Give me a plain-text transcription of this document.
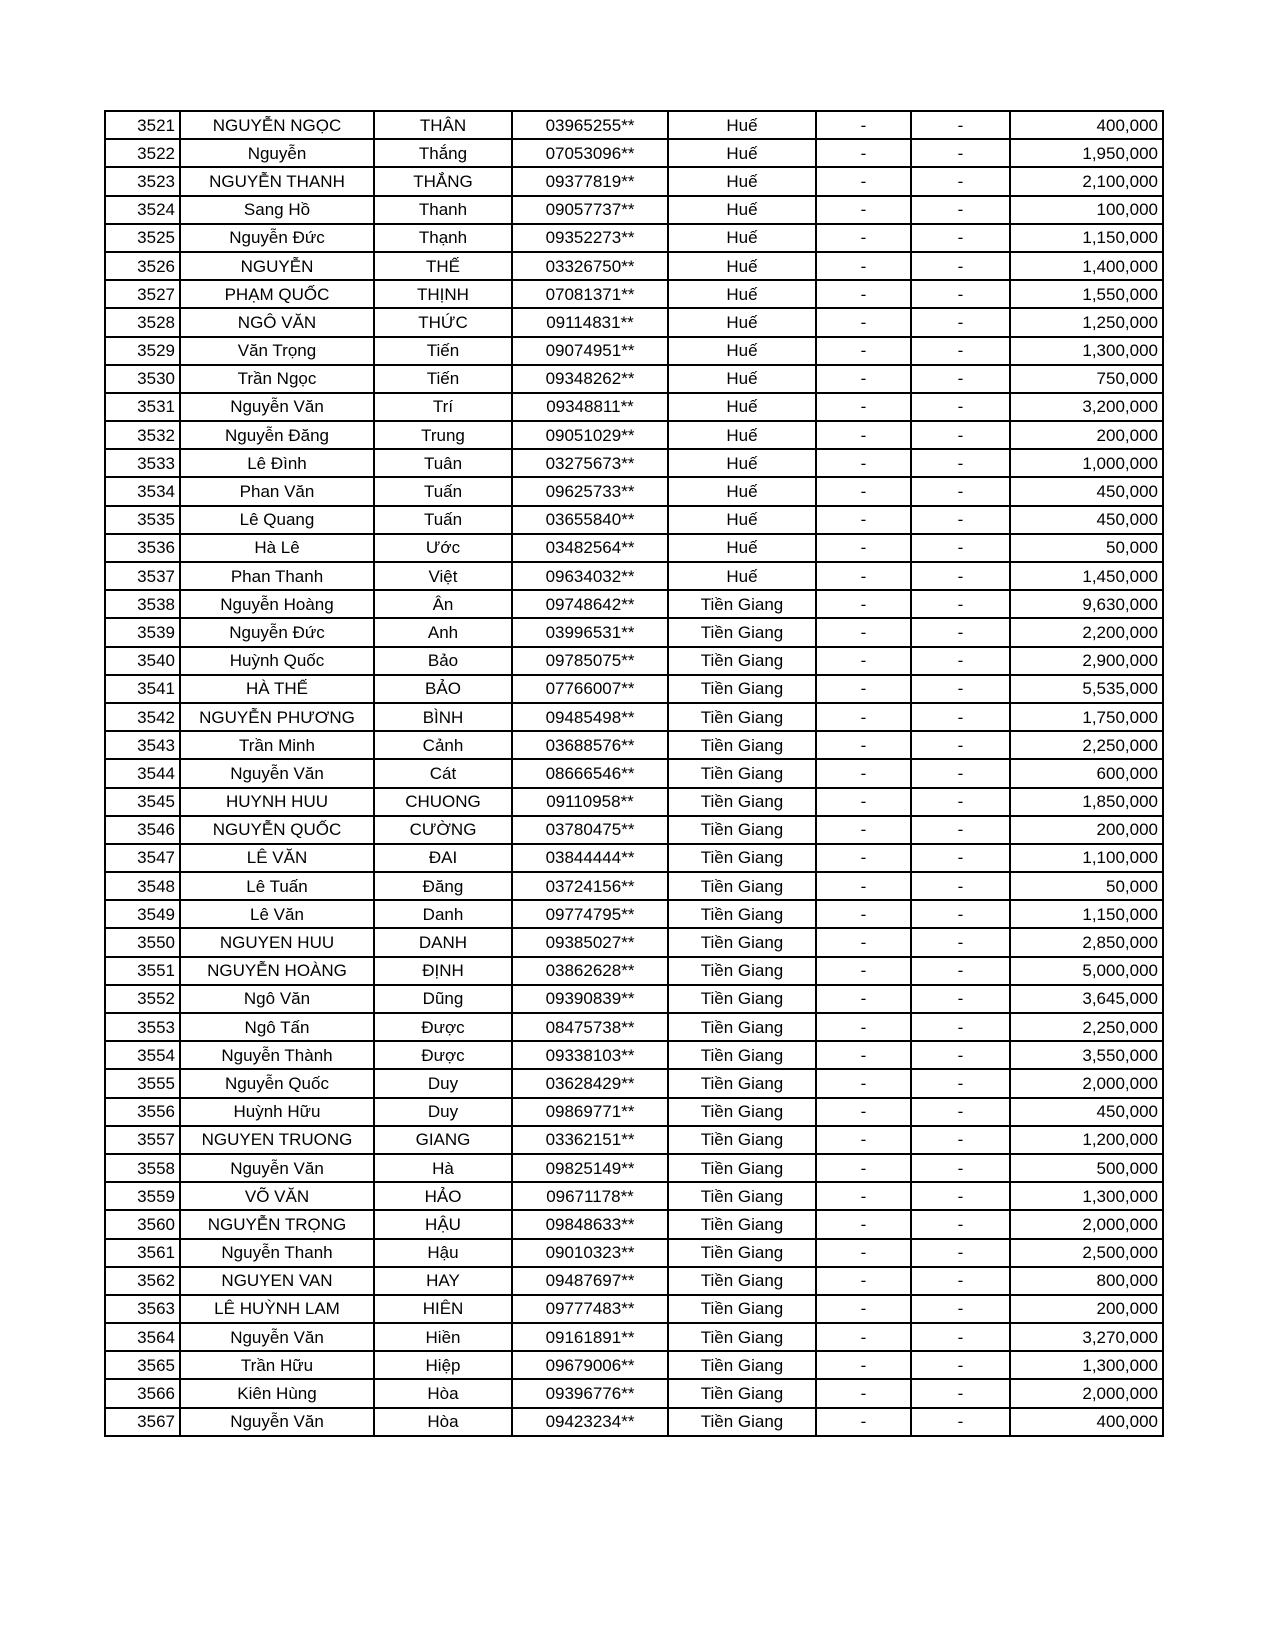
3521	NGUYỄN NGỌC	THÂN	03965255**	Huế	-	-	400,000
3522	Nguyễn	Thắng	07053096**	Huế	-	-	1,950,000
3523	NGUYỄN THANH	THẮNG	09377819**	Huế	-	-	2,100,000
3524	Sang Hồ	Thanh	09057737**	Huế	-	-	100,000
3525	Nguyễn Đức	Thạnh	09352273**	Huế	-	-	1,150,000
3526	NGUYỄN	THẾ	03326750**	Huế	-	-	1,400,000
3527	PHẠM QUỐC	THỊNH	07081371**	Huế	-	-	1,550,000
3528	NGÔ VĂN	THỨC	09114831**	Huế	-	-	1,250,000
3529	Văn Trọng	Tiến	09074951**	Huế	-	-	1,300,000
3530	Trần Ngọc	Tiến	09348262**	Huế	-	-	750,000
3531	Nguyễn Văn	Trí	09348811**	Huế	-	-	3,200,000
3532	Nguyễn Đăng	Trung	09051029**	Huế	-	-	200,000
3533	Lê Đình	Tuân	03275673**	Huế	-	-	1,000,000
3534	Phan Văn	Tuấn	09625733**	Huế	-	-	450,000
3535	Lê Quang	Tuấn	03655840**	Huế	-	-	450,000
3536	Hà Lê	Ước	03482564**	Huế	-	-	50,000
3537	Phan Thanh	Việt	09634032**	Huế	-	-	1,450,000
3538	Nguyễn Hoàng	Ân	09748642**	Tiền Giang	-	-	9,630,000
3539	Nguyễn Đức	Anh	03996531**	Tiền Giang	-	-	2,200,000
3540	Huỳnh Quốc	Bảo	09785075**	Tiền Giang	-	-	2,900,000
3541	HÀ THẾ	BẢO	07766007**	Tiền Giang	-	-	5,535,000
3542	NGUYỄN PHƯƠNG	BÌNH	09485498**	Tiền Giang	-	-	1,750,000
3543	Trần Minh	Cảnh	03688576**	Tiền Giang	-	-	2,250,000
3544	Nguyễn Văn	Cát	08666546**	Tiền Giang	-	-	600,000
3545	HUYNH HUU	CHUONG	09110958**	Tiền Giang	-	-	1,850,000
3546	NGUYỄN QUỐC	CƯỜNG	03780475**	Tiền Giang	-	-	200,000
3547	LÊ VĂN	ĐAI	03844444**	Tiền Giang	-	-	1,100,000
3548	Lê Tuấn	Đăng	03724156**	Tiền Giang	-	-	50,000
3549	Lê Văn	Danh	09774795**	Tiền Giang	-	-	1,150,000
3550	NGUYEN HUU	DANH	09385027**	Tiền Giang	-	-	2,850,000
3551	NGUYỄN HOÀNG	ĐỊNH	03862628**	Tiền Giang	-	-	5,000,000
3552	Ngô Văn	Dũng	09390839**	Tiền Giang	-	-	3,645,000
3553	Ngô Tấn	Được	08475738**	Tiền Giang	-	-	2,250,000
3554	Nguyễn Thành	Được	09338103**	Tiền Giang	-	-	3,550,000
3555	Nguyễn Quốc	Duy	03628429**	Tiền Giang	-	-	2,000,000
3556	Huỳnh Hữu	Duy	09869771**	Tiền Giang	-	-	450,000
3557	NGUYEN TRUONG	GIANG	03362151**	Tiền Giang	-	-	1,200,000
3558	Nguyễn Văn	Hà	09825149**	Tiền Giang	-	-	500,000
3559	VÕ VĂN	HẢO	09671178**	Tiền Giang	-	-	1,300,000
3560	NGUYỄN TRỌNG	HẬU	09848633**	Tiền Giang	-	-	2,000,000
3561	Nguyễn Thanh	Hậu	09010323**	Tiền Giang	-	-	2,500,000
3562	NGUYEN VAN	HAY	09487697**	Tiền Giang	-	-	800,000
3563	LÊ HUỲNH LAM	HIÊN	09777483**	Tiền Giang	-	-	200,000
3564	Nguyễn Văn	Hiền	09161891**	Tiền Giang	-	-	3,270,000
3565	Trần Hữu	Hiệp	09679006**	Tiền Giang	-	-	1,300,000
3566	Kiên Hùng	Hòa	09396776**	Tiền Giang	-	-	2,000,000
3567	Nguyễn Văn	Hòa	09423234**	Tiền Giang	-	-	400,000
